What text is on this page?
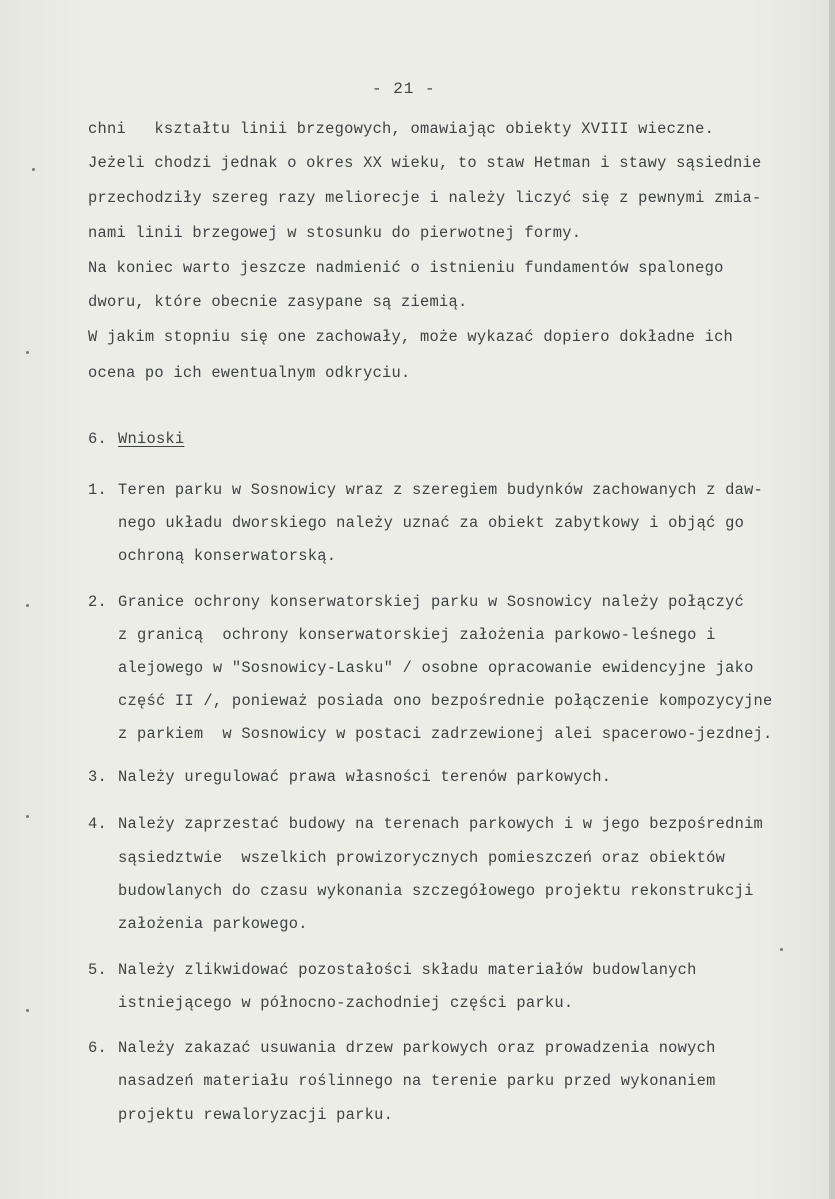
- 21 -
chni   kształtu linii brzegowych, omawiając obiekty XVIII wieczne.
Jeżeli chodzi jednak o okres XX wieku, to staw Hetman i stawy sąsiednie
przechodziły szereg razy meliorecje i należy liczyć się z pewnymi zmia-
nami linii brzegowej w stosunku do pierwotnej formy.
Na koniec warto jeszcze nadmienić o istnieniu fundamentów spalonego
dworu, które obecnie zasypane są ziemią.
W jakim stopniu się one zachowały, może wykazać dopiero dokładne ich
ocena po ich ewentualnym odkryciu.
6. Wnioski
1. Teren parku w Sosnowicy wraz z szeregiem budynków zachowanych z daw-
nego układu dworskiego należy uznać za obiekt zabytkowy i objąć go
ochroną konserwatorską.
2. Granice ochrony konserwatorskiej parku w Sosnowicy należy połączyć
z granicą  ochrony konserwatorskiej założenia parkowo-leśnego i
alejowego w "Sosnowicy-Lasku" / osobne opracowanie ewidencyjne jako
część II /, ponieważ posiada ono bezpośrednie połączenie kompozycyjne
z parkiem  w Sosnowicy w postaci zadrzewionej alei spacerowo-jezdnej.
3. Należy uregulować prawa własności terenów parkowych.
4. Należy zaprzestać budowy na terenach parkowych i w jego bezpośrednim
sąsiedztwie  wszelkich prowizorycznych pomieszczeń oraz obiektów
budowlanych do czasu wykonania szczegółowego projektu rekonstrukcji
założenia parkowego.
5. Należy zlikwidować pozostałości składu materiałów budowlanych
istniejącego w północno-zachodniej części parku.
6. Należy zakazać usuwania drzew parkowych oraz prowadzenia nowych
nasadzeń materiału roślinnego na terenie parku przed wykonaniem
projektu rewaloryzacji parku.
